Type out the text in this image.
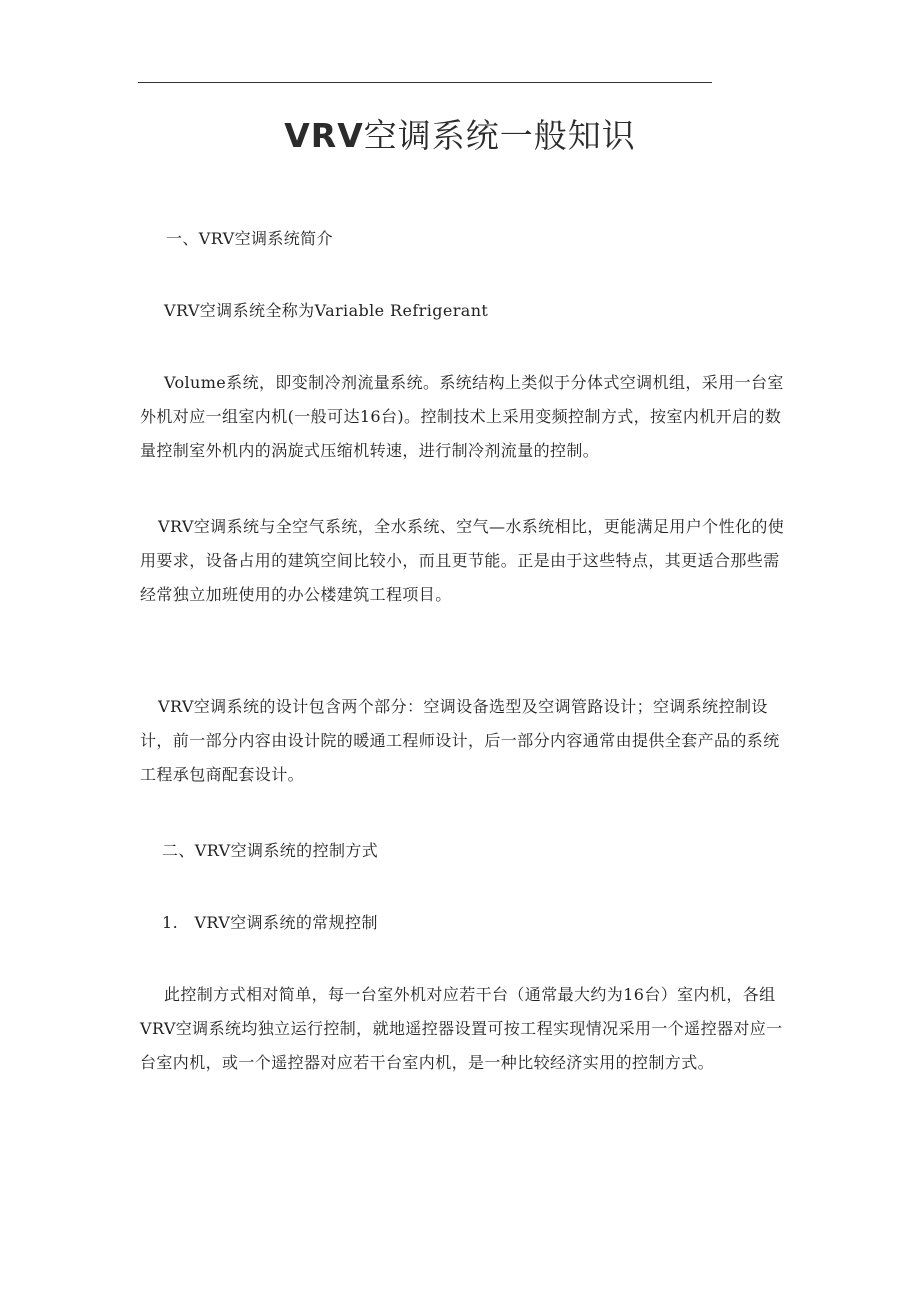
VRV空调系统一般知识

一、VRV空调系统简介

VRV空调系统全称为Variable Refrigerant

Volume系统，即变制冷剂流量系统。系统结构上类似于分体式空调机组，采用一台室外机对应一组室内机(一般可达16台)。控制技术上采用变频控制方式，按室内机开启的数量控制室外机内的涡旋式压缩机转速，进行制冷剂流量的控制。

VRV空调系统与全空气系统，全水系统、空气—水系统相比，更能满足用户个性化的使用要求，设备占用的建筑空间比较小，而且更节能。正是由于这些特点，其更适合那些需经常独立加班使用的办公楼建筑工程项目。

VRV空调系统的设计包含两个部分：空调设备选型及空调管路设计；空调系统控制设计，前一部分内容由设计院的暖通工程师设计，后一部分内容通常由提供全套产品的系统工程承包商配套设计。

二、VRV空调系统的控制方式

1.　VRV空调系统的常规控制

此控制方式相对简单，每一台室外机对应若干台（通常最大约为16台）室内机，各组VRV空调系统均独立运行控制，就地遥控器设置可按工程实现情况采用一个遥控器对应一台室内机，或一个遥控器对应若干台室内机，是一种比较经济实用的控制方式。
